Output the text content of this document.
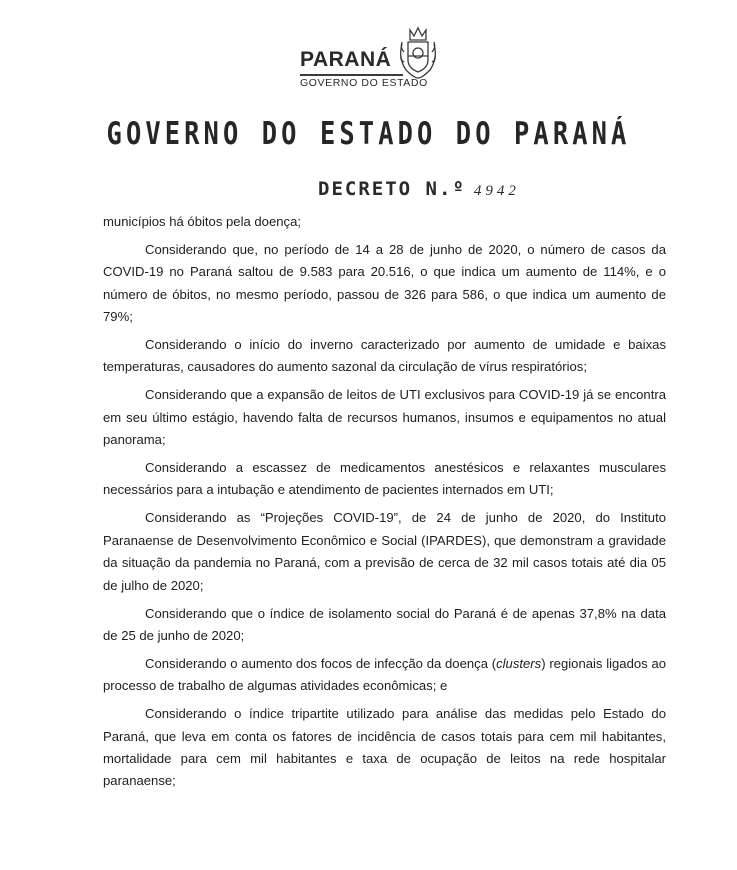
PARANÁ
GOVERNO DO ESTADO
GOVERNO DO ESTADO DO PARANÁ
DECRETO N.º 4942

municípios há óbitos pela doença;

Considerando que, no período de 14 a 28 de junho de 2020, o número de casos da COVID-19 no Paraná saltou de 9.583 para 20.516, o que indica um aumento de 114%, e o número de óbitos, no mesmo período, passou de 326 para 586, o que indica um aumento de 79%;

Considerando o início do inverno caracterizado por aumento de umidade e baixas temperaturas, causadores do aumento sazonal da circulação de vírus respiratórios;

Considerando que a expansão de leitos de UTI exclusivos para COVID-19 já se encontra em seu último estágio, havendo falta de recursos humanos, insumos e equipamentos no atual panorama;

Considerando a escassez de medicamentos anestésicos e relaxantes musculares necessários para a intubação e atendimento de pacientes internados em UTI;

Considerando as “Projeções COVID-19”, de 24 de junho de 2020, do Instituto Paranaense de Desenvolvimento Econômico e Social (IPARDES), que demonstram a gravidade da situação da pandemia no Paraná, com a previsão de cerca de 32 mil casos totais até dia 05 de julho de 2020;

Considerando que o índice de isolamento social do Paraná é de apenas 37,8% na data de 25 de junho de 2020;

Considerando o aumento dos focos de infecção da doença (clusters) regionais ligados ao processo de trabalho de algumas atividades econômicas; e

Considerando o índice tripartite utilizado para análise das medidas pelo Estado do Paraná, que leva em conta os fatores de incidência de casos totais para cem mil habitantes, mortalidade para cem mil habitantes e taxa de ocupação de leitos na rede hospitalar paranaense;
